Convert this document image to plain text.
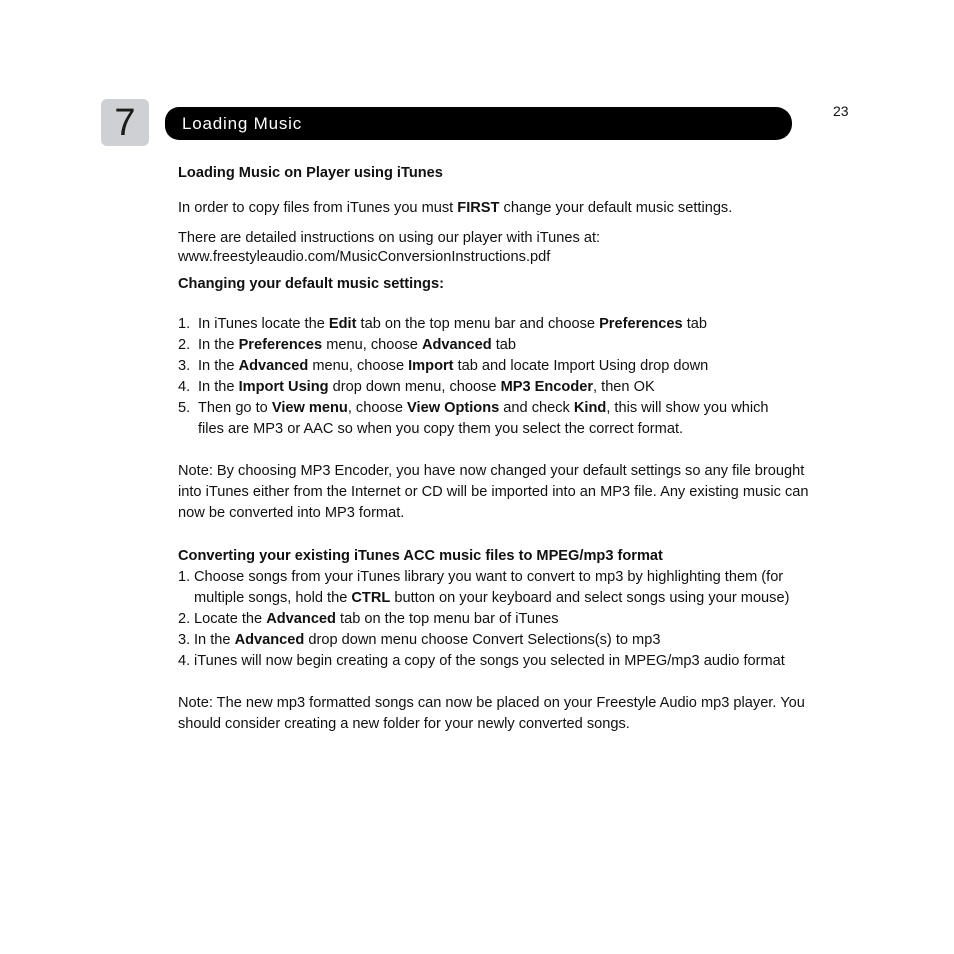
7	Loading Music
23

Loading Music on Player using iTunes

In order to copy files from iTunes you must FIRST change your default music settings.

There are detailed instructions on using our player with iTunes at:
www.freestyleaudio.com/MusicConversionInstructions.pdf

Changing your default music settings:

1. In iTunes locate the Edit tab on the top menu bar and choose Preferences tab
2. In the Preferences menu, choose Advanced tab
3. In the Advanced menu, choose Import tab and locate Import Using drop down
4. In the Import Using drop down menu, choose MP3 Encoder, then OK
5. Then go to View menu, choose View Options and check Kind, this will show you which files are MP3 or AAC so when you copy them you select the correct format.

Note: By choosing MP3 Encoder, you have now changed your default settings so any file brought into iTunes either from the Internet or CD will be imported into an MP3 file. Any existing music can now be converted into MP3 format.

Converting your existing iTunes ACC music files to MPEG/mp3 format

1. Choose songs from your iTunes library you want to convert to mp3 by highlighting them (for multiple songs, hold the CTRL button on your keyboard and select songs using your mouse)
2. Locate the Advanced tab on the top menu bar of iTunes
3. In the Advanced drop down menu choose Convert Selections(s) to mp3
4. iTunes will now begin creating a copy of the songs you selected in MPEG/mp3 audio format

Note: The new mp3 formatted songs can now be placed on your Freestyle Audio mp3 player. You should consider creating a new folder for your newly converted songs.
